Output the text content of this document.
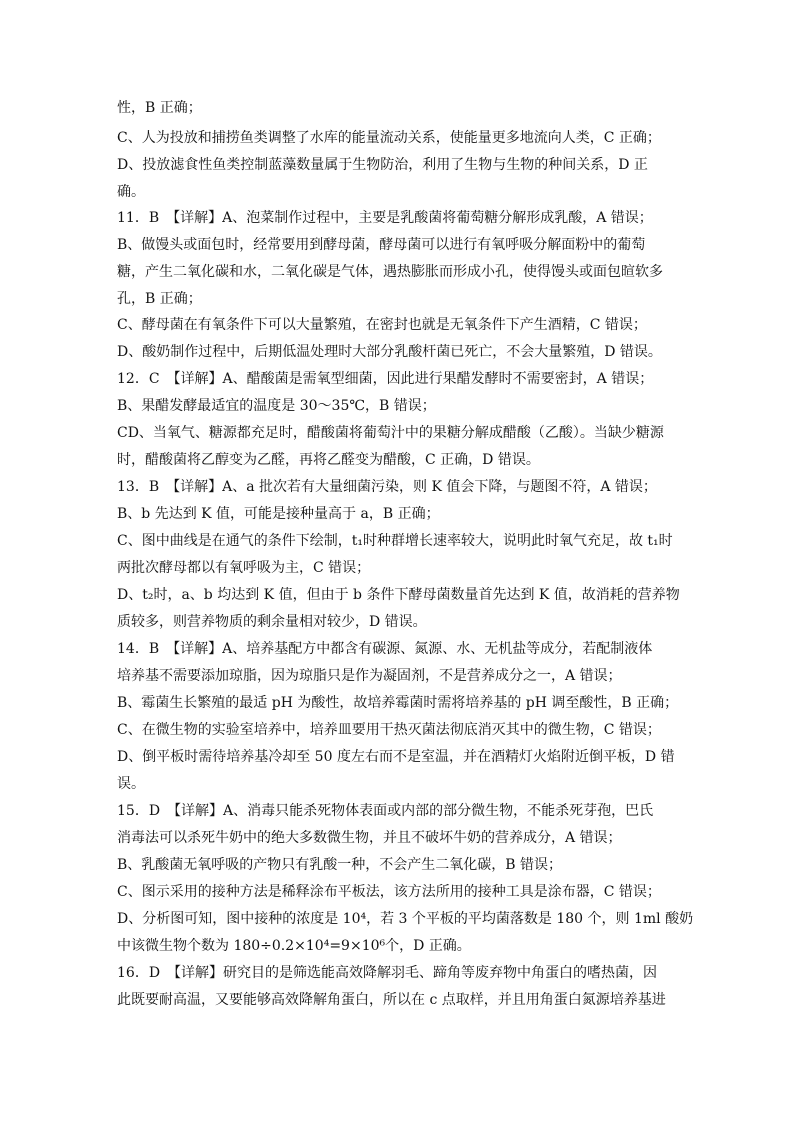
性，B 正确；
C、人为投放和捕捞鱼类调整了水库的能量流动关系，使能量更多地流向人类，C 正确；
D、投放滤食性鱼类控制蓝藻数量属于生物防治，利用了生物与生物的种间关系，D 正
确。
11．B　【详解】A、泡菜制作过程中，主要是乳酸菌将葡萄糖分解形成乳酸，A 错误；
B、做馒头或面包时，经常要用到酵母菌，酵母菌可以进行有氧呼吸分解面粉中的葡萄
糖，产生二氧化碳和水，二氧化碳是气体，遇热膨胀而形成小孔，使得馒头或面包暄软多
孔，B 正确；
C、酵母菌在有氧条件下可以大量繁殖，在密封也就是无氧条件下产生酒精，C 错误；
D、酸奶制作过程中，后期低温处理时大部分乳酸杆菌已死亡，不会大量繁殖，D 错误。
12．C　【详解】A、醋酸菌是需氧型细菌，因此进行果醋发酵时不需要密封，A 错误；
B、果醋发酵最适宜的温度是 30～35℃，B 错误；
CD、当氧气、糖源都充足时，醋酸菌将葡萄汁中的果糖分解成醋酸（乙酸）。当缺少糖源
时，醋酸菌将乙醇变为乙醛，再将乙醛变为醋酸，C 正确，D 错误。
13．B　【详解】A、a 批次若有大量细菌污染，则 K 值会下降，与题图不符，A 错误；
B、b 先达到 K 值，可能是接种量高于 a，B 正确；
C、图中曲线是在通气的条件下绘制，t₁时种群增长速率较大，说明此时氧气充足，故 t₁时
两批次酵母都以有氧呼吸为主，C 错误；
D、t₂时，a、b 均达到 K 值，但由于 b 条件下酵母菌数量首先达到 K 值，故消耗的营养物
质较多，则营养物质的剩余量相对较少，D 错误。
14．B　【详解】A、培养基配方中都含有碳源、氮源、水、无机盐等成分，若配制液体
培养基不需要添加琼脂，因为琼脂只是作为凝固剂，不是营养成分之一，A 错误；
B、霉菌生长繁殖的最适 pH 为酸性，故培养霉菌时需将培养基的 pH 调至酸性，B 正确；
C、在微生物的实验室培养中，培养皿要用干热灭菌法彻底消灭其中的微生物，C 错误；
D、倒平板时需待培养基冷却至 50 度左右而不是室温，并在酒精灯火焰附近倒平板，D 错
误。
15．D　【详解】A、消毒只能杀死物体表面或内部的部分微生物，不能杀死芽孢，巴氏
消毒法可以杀死牛奶中的绝大多数微生物，并且不破坏牛奶的营养成分，A 错误；
B、乳酸菌无氧呼吸的产物只有乳酸一种，不会产生二氧化碳，B 错误；
C、图示采用的接种方法是稀释涂布平板法，该方法所用的接种工具是涂布器，C 错误；
D、分析图可知，图中接种的浓度是 10⁴，若 3 个平板的平均菌落数是 180 个，则 1ml 酸奶
中该微生物个数为 180÷0.2×10⁴=9×10⁶个，D 正确。
16．D　【详解】研究目的是筛选能高效降解羽毛、蹄角等废弃物中角蛋白的嗜热菌，因
此既要耐高温，又要能够高效降解角蛋白，所以在 c 点取样，并且用角蛋白氮源培养基进
